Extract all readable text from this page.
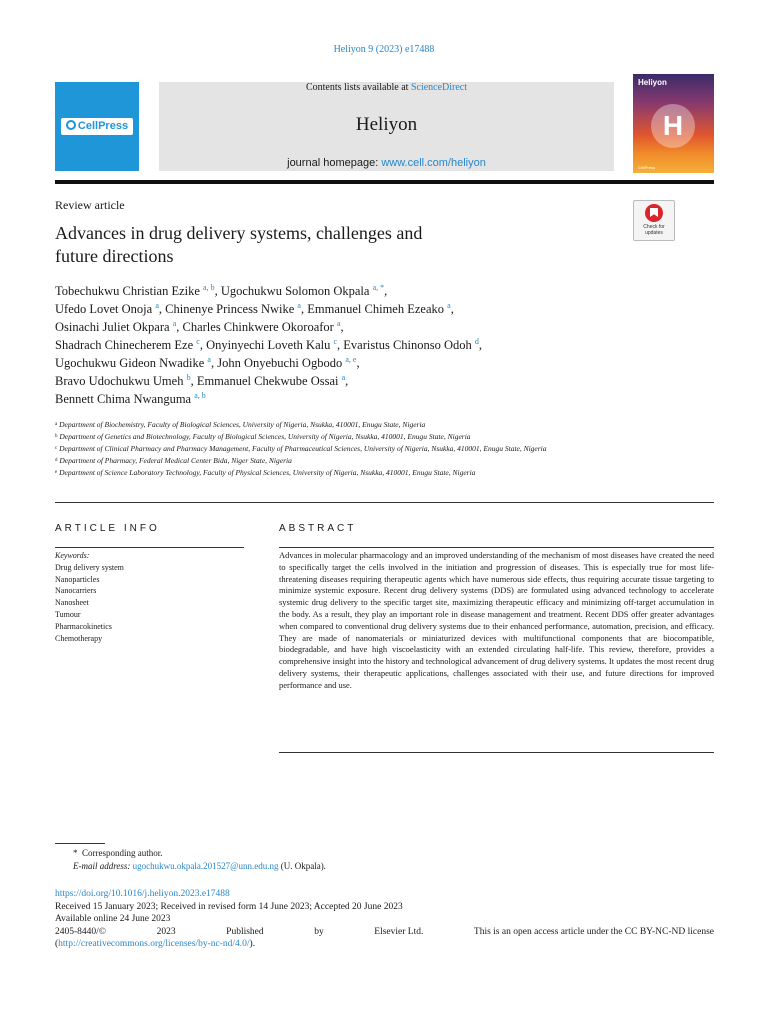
Heliyon 9 (2023) e17488
CellPress
Contents lists available at ScienceDirect
Heliyon
journal homepage: www.cell.com/heliyon
Heliyon
H
CellPress
Review article
Check for
updates
Advances in drug delivery systems, challenges and
future directions
Tobechukwu Christian Ezike $^{a, b}$, Ugochukwu Solomon Okpala $^{a, *}$,
Ufedo Lovet Onoja $^a$, Chinenye Princess Nwike $^a$, Emmanuel Chimeh Ezeako $^a$,
Osinachi Juliet Okpara $^a$, Charles Chinkwere Okoroafor $^a$,
Shadrach Chinecherem Eze $^c$, Onyinyechi Loveth Kalu $^c$, Evaristus Chinonso Odoh $^d$,
Ugochukwu Gideon Nwadike $^a$, John Onyebuchi Ogbodo $^{a, e}$,
Bravo Udochukwu Umeh $^b$, Emmanuel Chekwube Ossai $^a$,
Bennett Chima Nwanguma $^{a, b}$
$^a$ Department of Biochemistry, Faculty of Biological Sciences, University of Nigeria, Nsukka, 410001, Enugu State, Nigeria
$^b$ Department of Genetics and Biotechnology, Faculty of Biological Sciences, University of Nigeria, Nsukka, 410001, Enugu State, Nigeria
$^c$ Department of Clinical Pharmacy and Pharmacy Management, Faculty of Pharmaceutical Sciences, University of Nigeria, Nsukka, 410001, Enugu State, Nigeria
$^d$ Department of Pharmacy, Federal Medical Center Bida, Niger State, Nigeria
$^e$ Department of Science Laboratory Technology, Faculty of Physical Sciences, University of Nigeria, Nsukka, 410001, Enugu State, Nigeria
ARTICLE INFO	ABSTRACT
Keywords:
Drug delivery system
Nanoparticles
Nanocarriers
Nanosheet
Tumour
Pharmacokinetics
Chemotherapy
Advances in molecular pharmacology and an improved understanding of the mechanism of most diseases have created the need to specifically target the cells involved in the initiation and progression of diseases. This is especially true for most life-threatening diseases requiring therapeutic agents which have numerous side effects, thus requiring accurate tissue targeting to minimize systemic exposure. Recent drug delivery systems (DDS) are formulated using advanced technology to accelerate systemic drug delivery to the specific target site, maximizing therapeutic efficacy and minimizing off-target accumulation in the body. As a result, they play an important role in disease management and treatment. Recent DDS offer greater advantages when compared to conventional drug delivery systems due to their enhanced performance, automation, precision, and efficacy. They are made of nanomaterials or miniaturized devices with multifunctional components that are biocompatible, biodegradable, and have high viscoelasticity with an extended circulating half-life. This review, therefore, provides a comprehensive insight into the history and technological advancement of drug delivery systems. It updates the most recent drug delivery systems, their therapeutic applications, challenges associated with their use, and future directions for improved performance and use.
*  Corresponding author.
E-mail address: ugochukwu.okpala.201527@unn.edu.ng (U. Okpala).
https://doi.org/10.1016/j.heliyon.2023.e17488
Received 15 January 2023; Received in revised form 14 June 2023; Accepted 20 June 2023
Available online 24 June 2023
2405-8440/©	2023	Published	by	Elsevier Ltd.	This is an open access article under the CC BY-NC-ND license
(http://creativecommons.org/licenses/by-nc-nd/4.0/).
